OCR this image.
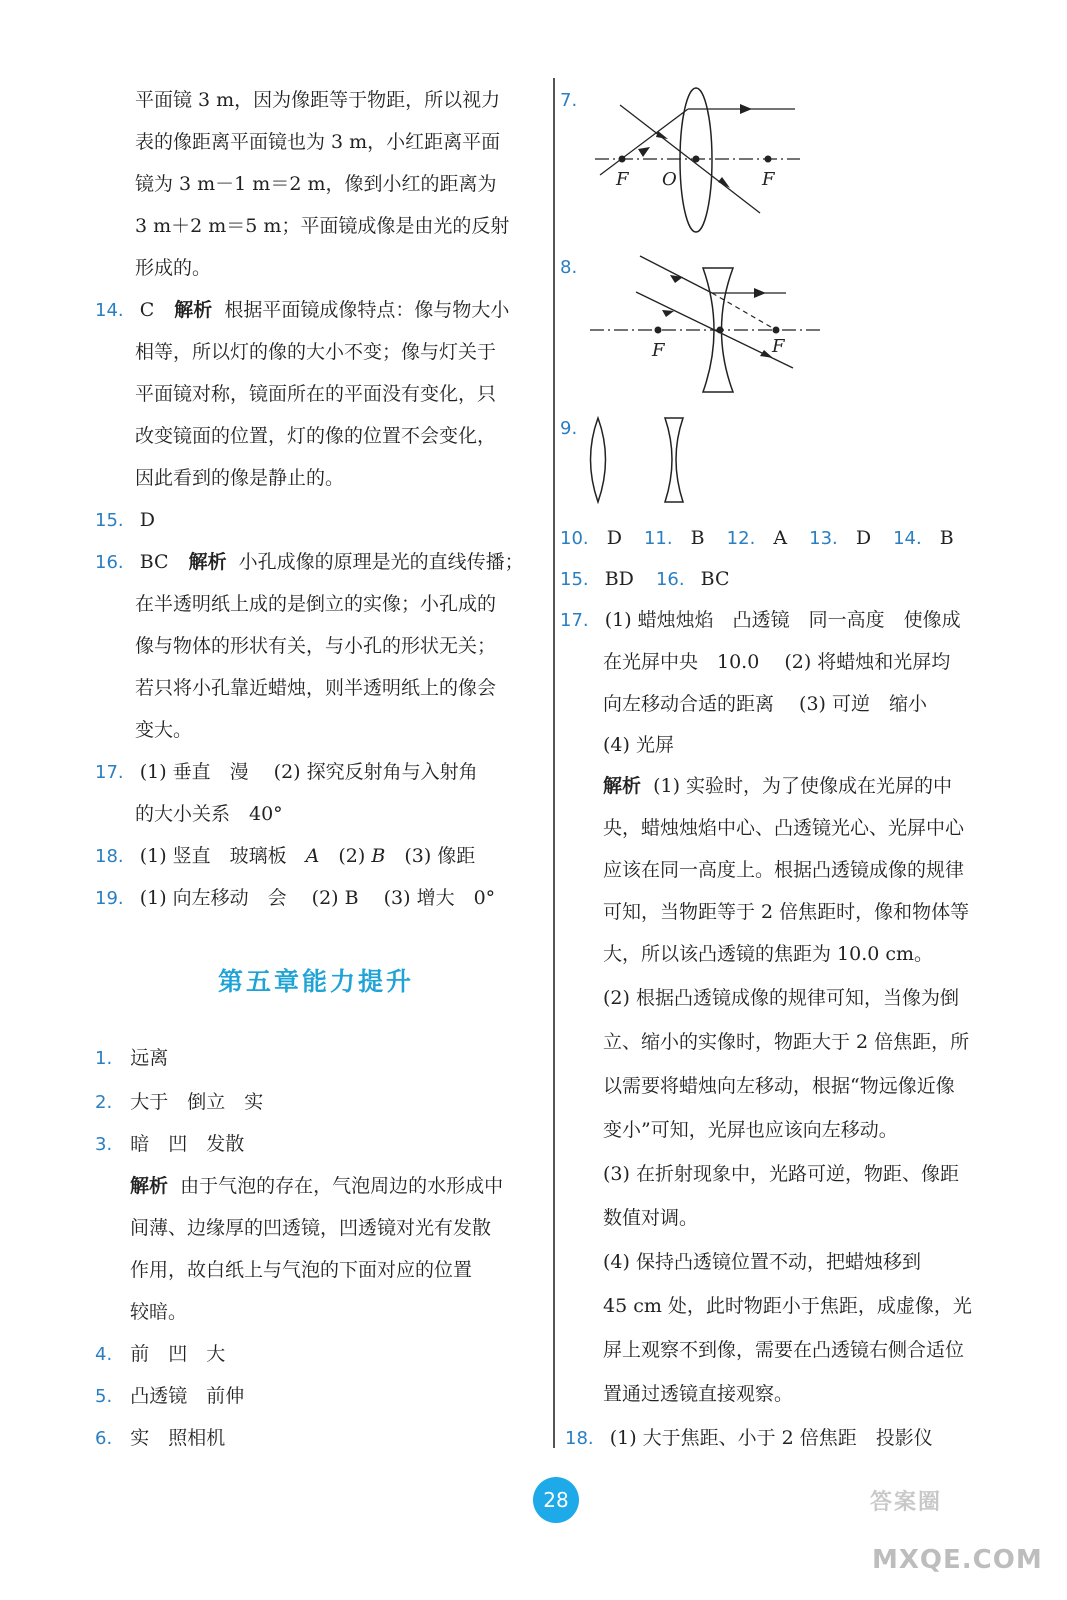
平面镜 3 m，因为像距等于物距，所以视力
表的像距离平面镜也为 3 m，小红距离平面
镜为 3 m－1 m＝2 m，像到小红的距离为
3 m＋2 m＝5 m；平面镜成像是由光的反射
形成的。
14. C 解析 根据平面镜成像特点：像与物大小
相等，所以灯的像的大小不变；像与灯关于
平面镜对称，镜面所在的平面没有变化，只
改变镜面的位置，灯的像的位置不会变化，
因此看到的像是静止的。
15. D
16. BC 解析 小孔成像的原理是光的直线传播；
在半透明纸上成的是倒立的实像；小孔成的
像与物体的形状有关，与小孔的形状无关；
若只将小孔靠近蜡烛，则半透明纸上的像会
变大。
17. (1) 垂直　漫　 (2) 探究反射角与入射角
的大小关系　40°
18. (1) 竖直　玻璃板　A　(2) B　(3) 像距
19. (1) 向左移动　会　 (2) B　 (3) 增大　0°
第五章能力提升
1. 远离
2. 大于　倒立　实
3. 暗　凹　发散
解析 由于气泡的存在，气泡周边的水形成中
间薄、边缘厚的凹透镜，凹透镜对光有发散
作用，故白纸上与气泡的下面对应的位置
较暗。
4. 前　凹　大
5. 凸透镜　前伸
6. 实　照相机
7.
F O	F
8.
F	F
9.
10. D 11. B 12. A 13. D 14. B
15. BD 16. BC
17. (1) 蜡烛烛焰　凸透镜　同一高度　使像成
在光屏中央　10.0　 (2) 将蜡烛和光屏均
向左移动合适的距离　 (3) 可逆　缩小
(4) 光屏
解析 (1) 实验时，为了使像成在光屏的中
央，蜡烛烛焰中心、凸透镜光心、光屏中心
应该在同一高度上。根据凸透镜成像的规律
可知，当物距等于 2 倍焦距时，像和物体等
大，所以该凸透镜的焦距为 10.0 cm。
(2) 根据凸透镜成像的规律可知，当像为倒
立、缩小的实像时，物距大于 2 倍焦距，所
以需要将蜡烛向左移动，根据“物远像近像
变小”可知，光屏也应该向左移动。
(3) 在折射现象中，光路可逆，物距、像距
数值对调。
(4) 保持凸透镜位置不动，把蜡烛移到
45 cm 处，此时物距小于焦距，成虚像，光
屏上观察不到像，需要在凸透镜右侧合适位
置通过透镜直接观察。
18. (1) 大于焦距、小于 2 倍焦距　投影仪
28	答案圈
MXQE.COM
